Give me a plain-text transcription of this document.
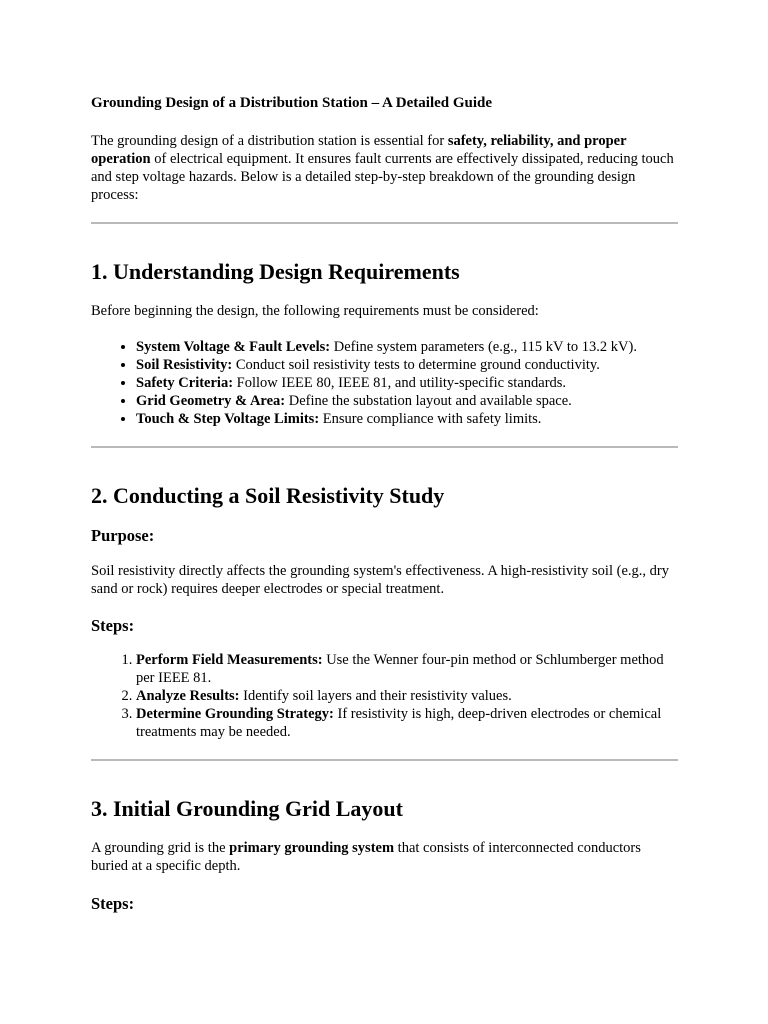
Grounding Design of a Distribution Station – A Detailed Guide

The grounding design of a distribution station is essential for safety, reliability, and proper operation of electrical equipment. It ensures fault currents are effectively dissipated, reducing touch and step voltage hazards. Below is a detailed step-by-step breakdown of the grounding design process:

1. Understanding Design Requirements

Before beginning the design, the following requirements must be considered:

• System Voltage & Fault Levels: Define system parameters (e.g., 115 kV to 13.2 kV).
• Soil Resistivity: Conduct soil resistivity tests to determine ground conductivity.
• Safety Criteria: Follow IEEE 80, IEEE 81, and utility-specific standards.
• Grid Geometry & Area: Define the substation layout and available space.
• Touch & Step Voltage Limits: Ensure compliance with safety limits.
2. Conducting a Soil Resistivity Study
Purpose:

Soil resistivity directly affects the grounding system's effectiveness. A high-resistivity soil (e.g., dry sand or rock) requires deeper electrodes or special treatment.

Steps:
1. Perform Field Measurements: Use the Wenner four-pin method or Schlumberger method per IEEE 81.
2. Analyze Results: Identify soil layers and their resistivity values.
3. Determine Grounding Strategy: If resistivity is high, deep-driven electrodes or chemical treatments may be needed.
3. Initial Grounding Grid Layout

A grounding grid is the primary grounding system that consists of interconnected conductors buried at a specific depth.

Steps:
